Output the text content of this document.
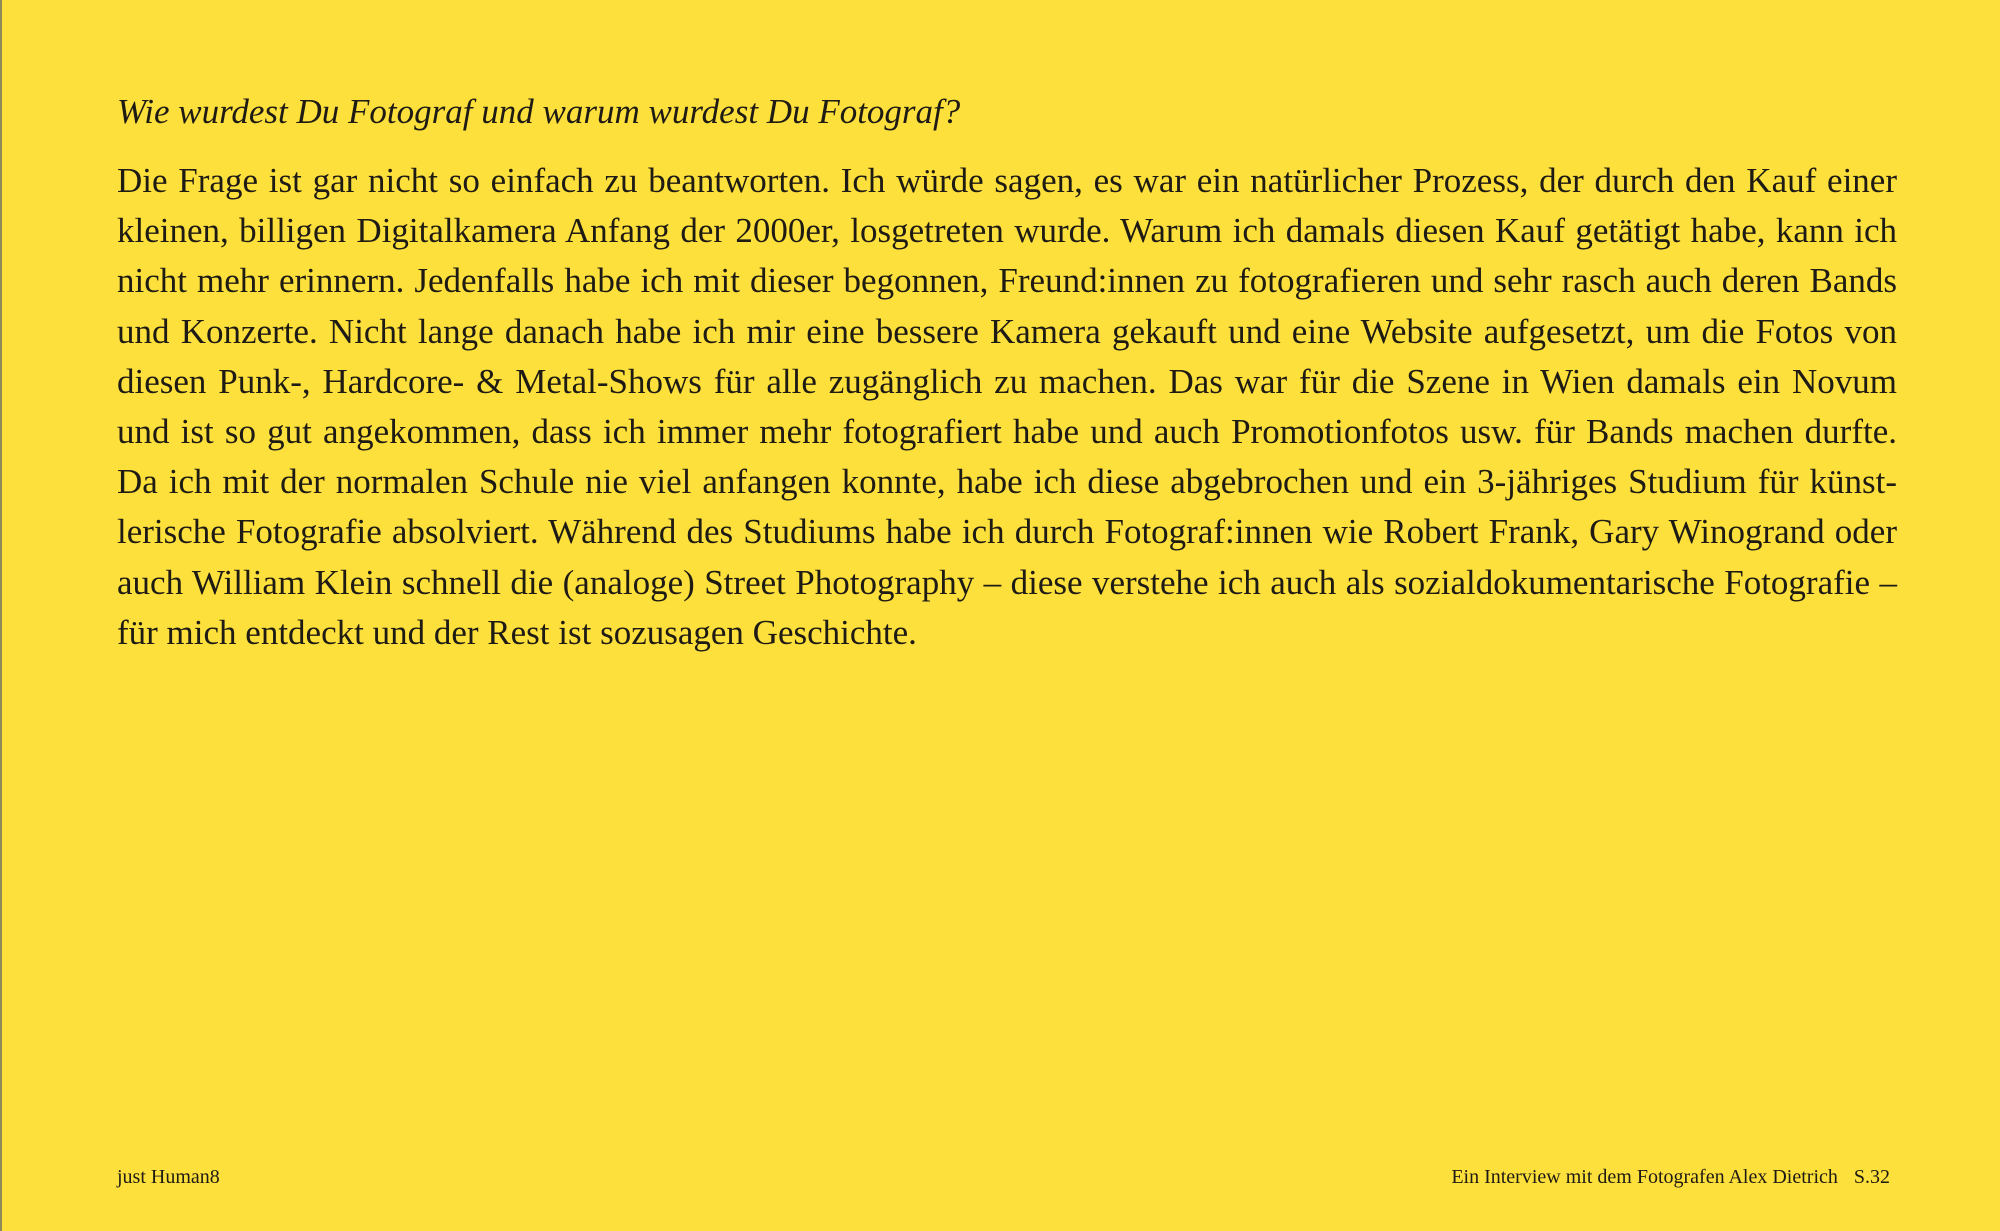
Wie wurdest Du Fotograf und warum wurdest Du Fotograf?

Die Frage ist gar nicht so einfach zu beantworten. Ich würde sagen, es war ein natürlicher Prozess, der durch den Kauf einer kleinen, billigen Digitalkamera Anfang der 2000er, losgetreten wurde. Warum ich damals diesen Kauf getätigt habe, kann ich nicht mehr erinnern. Jedenfalls habe ich mit dieser begonnen, Freund:innen zu fotografieren und sehr rasch auch deren Bands und Konzerte. Nicht lange danach habe ich mir eine bessere Kamera gekauft und eine Website aufgesetzt, um die Fotos von diesen Punk-, Hardcore- & Metal-Shows für alle zugänglich zu machen. Das war für die Szene in Wien damals ein Novum und ist so gut angekommen, dass ich immer mehr fotografiert habe und auch Promotionfotos usw. für Bands machen durfte. Da ich mit der normalen Schule nie viel anfangen konnte, habe ich diese abgebrochen und ein 3-jähriges Studium für künstlerische Fotografie absolviert. Während des Studiums habe ich durch Fotograf:innen wie Robert Frank, Gary Winogrand oder auch William Klein schnell die (analoge) Street Photography – diese verstehe ich auch als sozialdokumentarische Fotografie – für mich entdeckt und der Rest ist sozusagen Geschichte.

just Human8	Ein Interview mit dem Fotografen Alex Dietrich S.32
